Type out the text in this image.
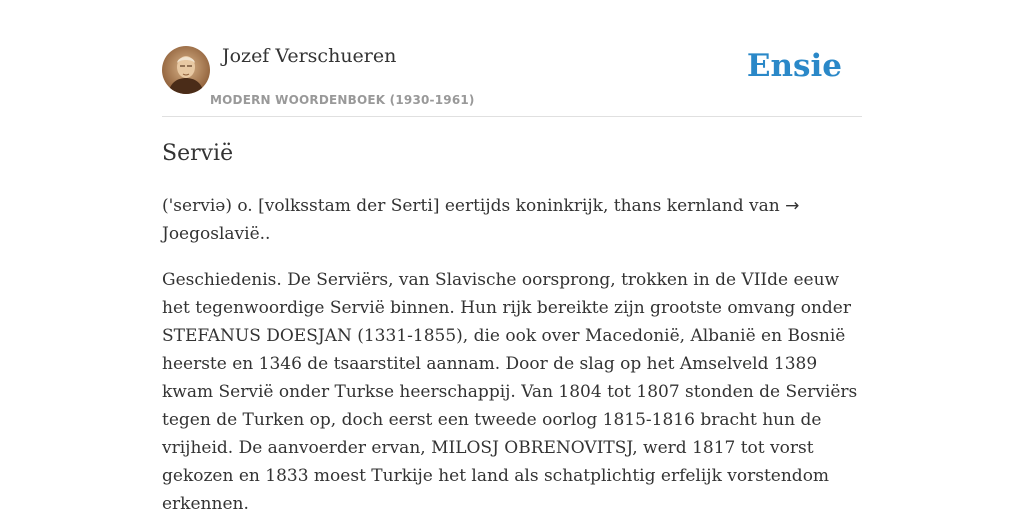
Jozef Verschueren
MODERN WOORDENBOEK (1930-1961)
Ensie
Servië

('serviə) o. [volksstam der Serti] eertijds koninkrijk, thans kernland van → Joegoslavië..

Geschiedenis. De Serviërs, van Slavische oorsprong, trokken in de VIIde eeuw het tegenwoordige Servië binnen. Hun rijk bereikte zijn grootste omvang onder STEFANUS DOESJAN (1331-1855), die ook over Macedonië, Albanië en Bosnië heerste en 1346 de tsaarstitel aannam. Door de slag op het Amselveld 1389 kwam Servië onder Turkse heerschappij. Van 1804 tot 1807 stonden de Serviërs tegen de Turken op, doch eerst een tweede oorlog 1815-1816 bracht hun de vrijheid. De aanvoerder ervan, MILOSJ OBRENOVITSJ, werd 1817 tot vorst gekozen en 1833 moest Turkije het land als schatplichtig erfelijk vorstendom erkennen.
